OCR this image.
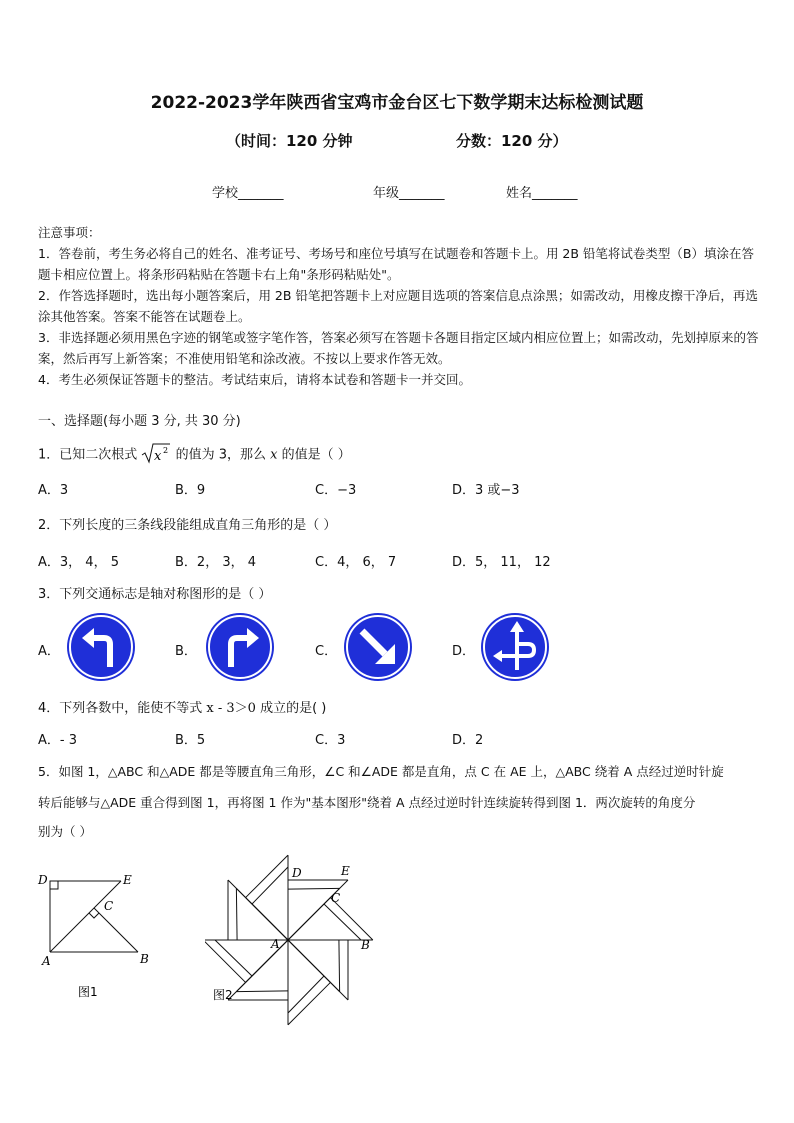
2022-2023学年陕西省宝鸡市金台区七下数学期末达标检测试题
（时间：120 分钟	分数：120 分）
学校_______	年级_______	姓名_______

注意事项：

1．答卷前，考生务必将自己的姓名、准考证号、考场号和座位号填写在试题卷和答题卡上。用 2B 铅笔将试卷类型（B）填涂在答题卡相应位置上。将条形码粘贴在答题卡右上角"条形码粘贴处"。

2．作答选择题时，选出每小题答案后，用 2B 铅笔把答题卡上对应题目选项的答案信息点涂黑；如需改动，用橡皮擦干净后，再选涂其他答案。答案不能答在试题卷上。

3．非选择题必须用黑色字迹的钢笔或签字笔作答，答案必须写在答题卡各题目指定区域内相应位置上；如需改动，先划掉原来的答案，然后再写上新答案；不准使用铅笔和涂改液。不按以上要求作答无效。

4．考生必须保证答题卡的整洁。考试结束后，请将本试卷和答题卡一并交回。

一、选择题(每小题 3 分, 共 30 分)
1．已知二次根式 x 2 的值为 3，那么 x 的值是（ ）
A．3	B．9	C．−3	D．3 或−3
2．下列长度的三条线段能组成直角三角形的是（ ）
A．3， 4， 5	B．2， 3， 4	C．4， 6， 7	D．5， 11， 12
3．下列交通标志是轴对称图形的是（ ）
A．	B．	C．	D．
4．下列各数中，能使不等式 x - 3＞0 成立的是( )
A．- 3	B．5	C．3	D．2
5．如图 1，△ABC 和△ADE 都是等腰直角三角形，∠C 和∠ADE 都是直角，点 C 在 AE 上，△ABC 绕着 A 点经过逆时针旋
转后能够与△ADE 重合得到图 1，再将图 1 作为"基本图形"绕着 A 点经过逆时针连续旋转得到图 1．两次旋转的角度分
别为（ ）
D	E
C
A	B
图1
D	E
C
A	B
图2
